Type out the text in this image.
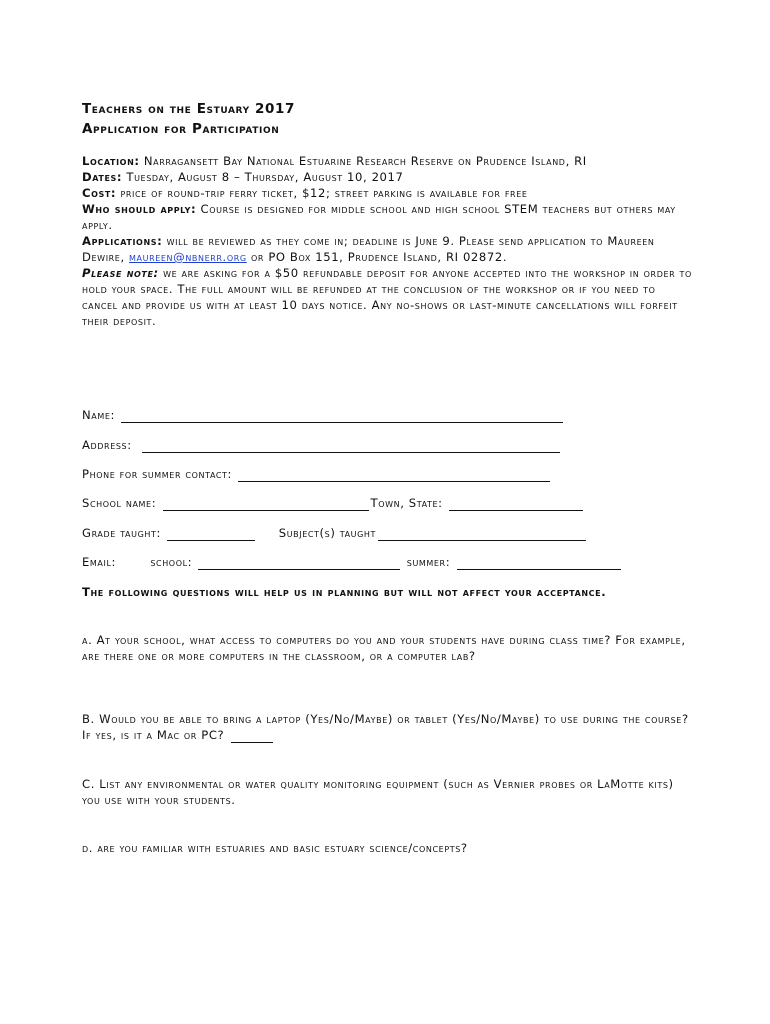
Teachers on the Estuary 2017
Application for Participation

Location: Narragansett Bay National Estuarine Research Reserve on Prudence Island, RI
Dates: Tuesday, August 8 – Thursday, August 10, 2017
Cost: price of round-trip ferry ticket, $12; street parking is available for free
Who should apply: Course is designed for middle school and high school STEM teachers but others may apply.
Applications: will be reviewed as they come in; deadline is June 9. Please send application to Maureen Dewire, maureen@nbnerr.org or PO Box 151, Prudence Island, RI 02872.
Please note: we are asking for a $50 refundable deposit for anyone accepted into the workshop in order to hold your space. The full amount will be refunded at the conclusion of the workshop or if you need to cancel and provide us with at least 10 days notice. Any no-shows or last-minute cancellations will forfeit their deposit.

Name:
Address:
Phone for summer contact:
School name:	Town, State:
Grade taught:	Subject(s) taught
Email:	school:	summer:

The following questions will help us in planning but will not affect your acceptance.

a. At your school, what access to computers do you and your students have during class time? For example, are there one or more computers in the classroom, or a computer lab?

B. Would you be able to bring a laptop (Yes/No/Maybe) or tablet (Yes/No/Maybe) to use during the course? If yes, is it a Mac or PC?

C. List any environmental or water quality monitoring equipment (such as Vernier probes or LaMotte kits) you use with your students.

d. are you familiar with estuaries and basic estuary science/concepts?
